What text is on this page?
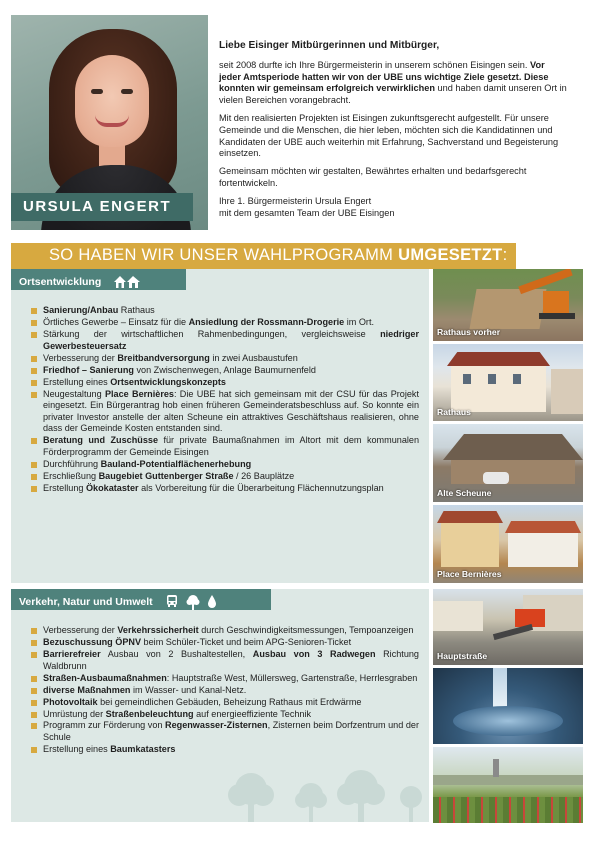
URSULA ENGERT
Liebe Eisinger Mitbürgerinnen und Mitbürger,

seit 2008 durfte ich Ihre Bürgermeisterin in unserem schönen Eisingen sein. Vor jeder Amtsperiode hatten wir von der UBE uns wichtige Ziele gesetzt. Diese konnten wir gemeinsam erfolgreich verwirklichen und haben damit unseren Ort in vielen Bereichen vorangebracht.

Mit den realisierten Projekten ist Eisingen zukunftsgerecht aufgestellt. Für unsere Gemeinde und die Menschen, die hier leben, möchten sich die Kandidatinnen und Kandidaten der UBE auch weiterhin mit Erfahrung, Sachverstand und Begeisterung einsetzen.

Gemeinsam möchten wir gestalten, Bewährtes erhalten und bedarfsgerecht fortentwickeln.

Ihre 1. Bürgermeisterin Ursula Engert
mit dem gesamten Team der UBE Eisingen

SO HABEN WIR UNSER WAHLPROGRAMM UMGESETZT:
Ortsentwicklung
Sanierung/Anbau Rathaus
Örtliches Gewerbe – Einsatz für die Ansiedlung der Rossmann-Drogerie im Ort.
Stärkung der wirtschaftlichen Rahmenbedingungen, vergleichsweise niedriger Gewerbesteuersatz
Verbesserung der Breitbandversorgung in zwei Ausbaustufen
Friedhof – Sanierung von Zwischenwegen, Anlage Baumurnenfeld
Erstellung eines Ortsentwicklungskonzepts
Neugestaltung Place Bernières: Die UBE hat sich gemeinsam mit der CSU für das Projekt eingesetzt. Ein Bürgerantrag hob einen früheren Gemeinderatsbeschluss auf. So konnte ein privater Investor anstelle der alten Scheune ein attraktives Geschäftshaus realisieren, ohne dass der Gemeinde Kosten entstanden sind.
Beratung und Zuschüsse für private Baumaßnahmen im Altort mit dem kommunalen Förderprogramm der Gemeinde Eisingen
Durchführung Bauland-Potentialflächenerhebung
Erschließung Baugebiet Guttenberger Straße / 26 Bauplätze
Erstellung Ökokataster als Vorbereitung für die Überarbeitung Flächennutzungsplan
Verkehr, Natur und Umwelt
Verbesserung der Verkehrssicherheit durch Geschwindigkeitsmessungen, Tempoanzeigen
Bezuschussung ÖPNV beim Schüler-Ticket und beim APG-Senioren-Ticket
Barrierefreier Ausbau von 2 Bushaltestellen, Ausbau von 3 Radwegen Richtung Waldbrunn
Straßen-Ausbaumaßnahmen: Hauptstraße West, Müllersweg, Gartenstraße, Herrlesgraben
diverse Maßnahmen im Wasser- und Kanal-Netz.
Photovoltaik bei gemeindlichen Gebäuden, Beheizung Rathaus mit Erdwärme
Umrüstung der Straßenbeleuchtung auf energieeffiziente Technik
Programm zur Förderung von Regenwasser-Zisternen, Zisternen beim Dorfzentrum und der Schule
Erstellung eines Baumkatasters
Rathaus vorher
Rathaus
Alte Scheune
Place Bernières
Hauptstraße
